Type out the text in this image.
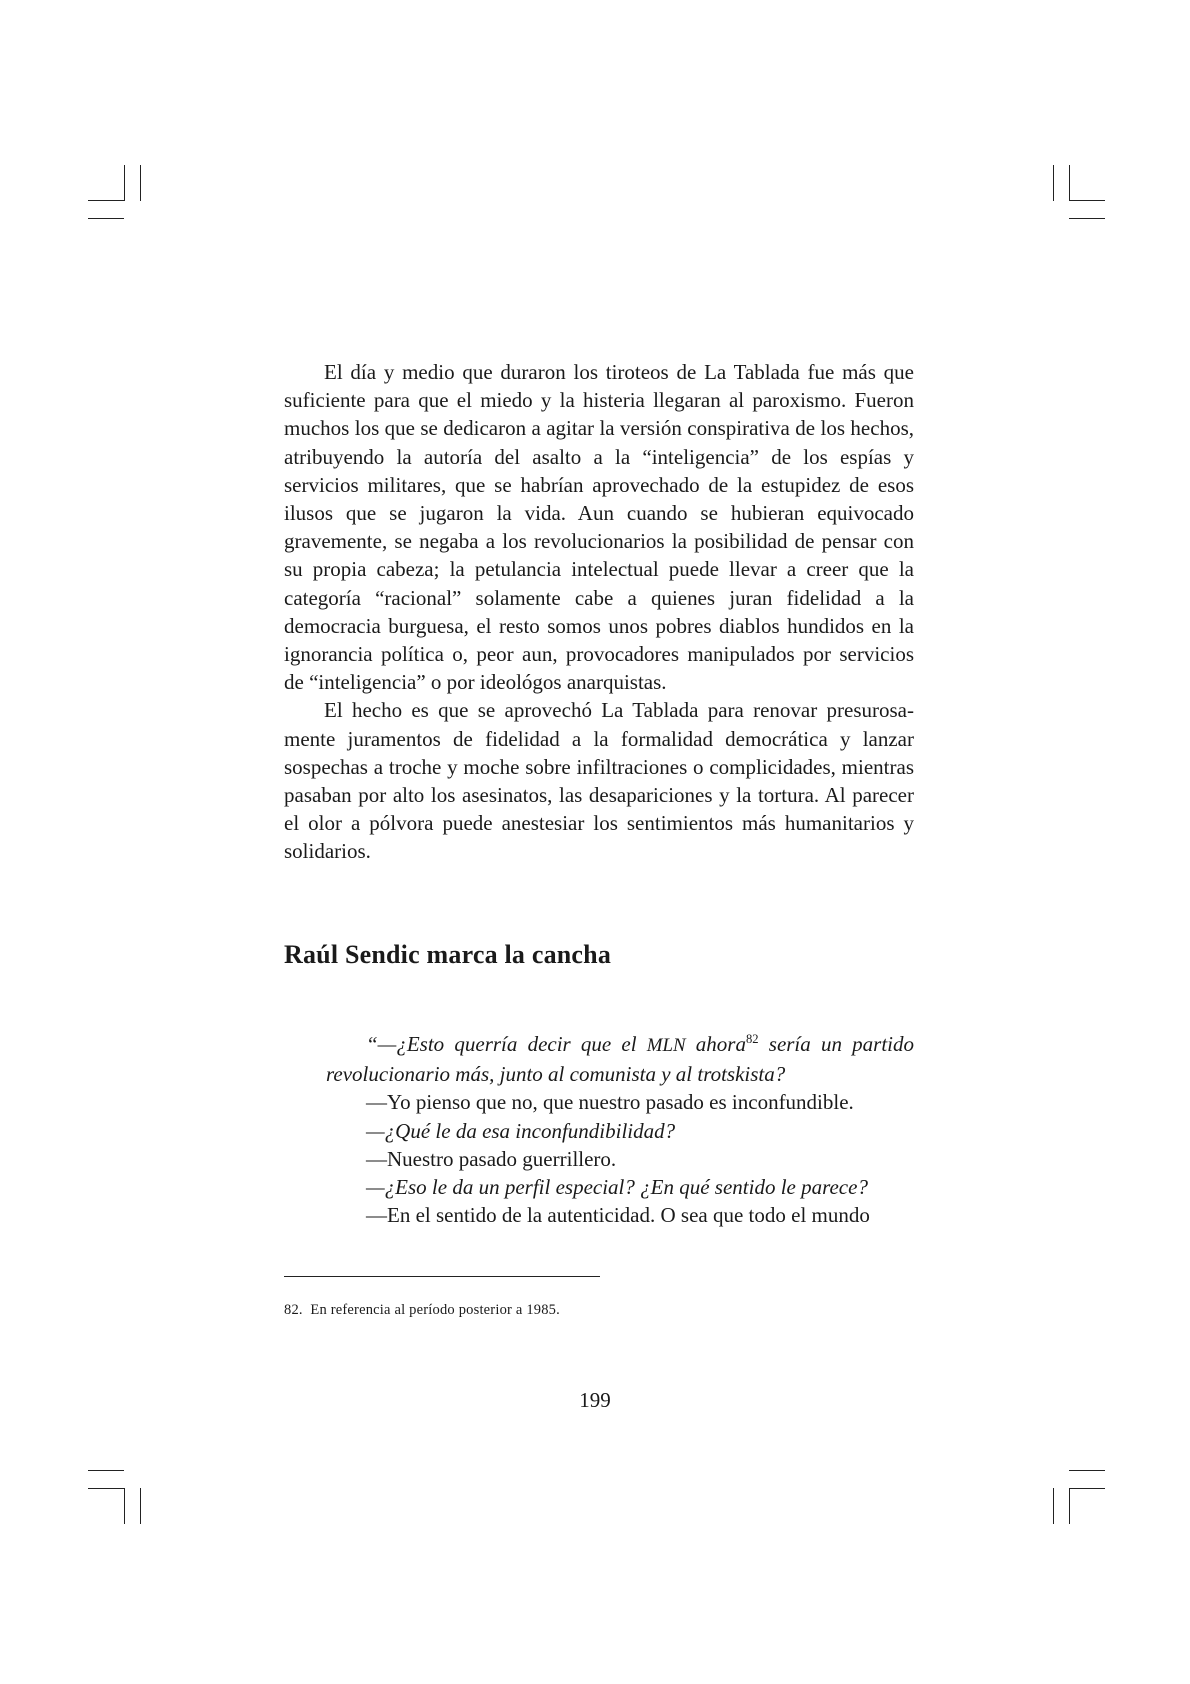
El día y medio que duraron los tiroteos de La Tablada fue más que suficiente para que el miedo y la histeria llegaran al paroxismo. Fueron muchos los que se dedicaron a agitar la versión conspirativa de los hechos, atribuyendo la autoría del asalto a la “inteligencia” de los espías y servicios militares, que se habrían aprovechado de la estupidez de esos ilusos que se jugaron la vida. Aun cuando se hubieran equivocado gravemente, se negaba a los revolucionarios la posibilidad de pensar con su propia cabeza; la petulancia intelectual puede llevar a creer que la categoría “racional” solamente cabe a quienes juran fidelidad a la democracia burguesa, el resto somos unos pobres diablos hundidos en la ignorancia política o, peor aun, provocadores manipulados por servicios de “inteligencia” o por ideológos anarquistas.

El hecho es que se aprovechó La Tablada para renovar presurosamente juramentos de fidelidad a la formalidad democrática y lanzar sospechas a troche y moche sobre infiltraciones o complicidades, mientras pasaban por alto los asesinatos, las desapariciones y la tortura. Al parecer el olor a pólvora puede anestesiar los sentimientos más humanitarios y solidarios.

Raúl Sendic marca la cancha

“—¿Esto querría decir que el MLN ahora$^{82}$ sería un partido revolucionario más, junto al comunista y al trotskista?

—Yo pienso que no, que nuestro pasado es inconfundible.

—¿Qué le da esa inconfundibilidad?

—Nuestro pasado guerrillero.

—¿Eso le da un perfil especial? ¿En qué sentido le parece?

—En el sentido de la autenticidad. O sea que todo el mundo

82. En referencia al período posterior a 1985.
199
